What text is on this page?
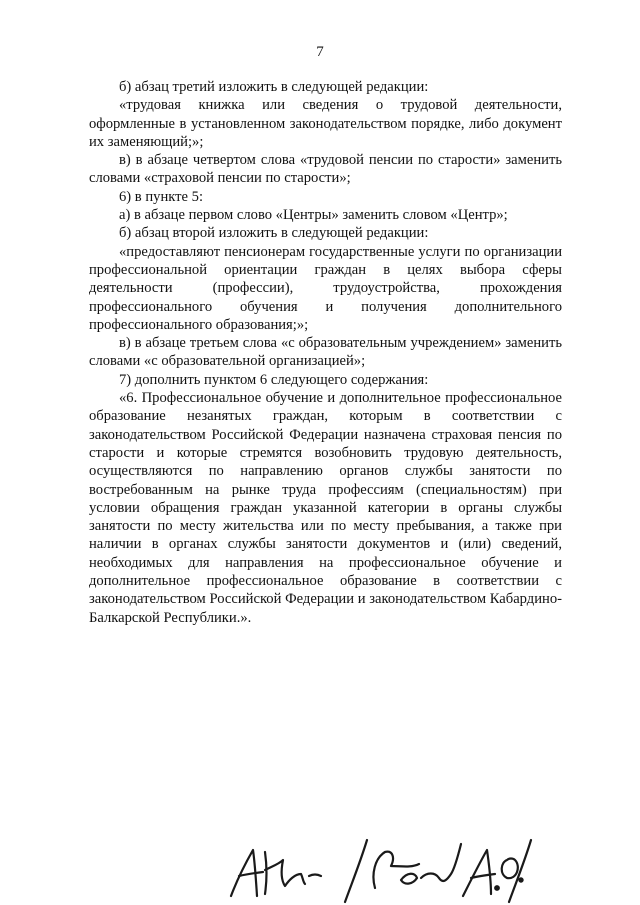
7

б) абзац третий изложить в следующей редакции:

«трудовая книжка или сведения о трудовой деятельности, оформленные в установленном законодательством порядке, либо документ их заменяющий;»;

в) в абзаце четвертом слова «трудовой пенсии по старости» заменить словами «страховой пенсии по старости»;

6) в пункте 5:

а) в абзаце первом слово «Центры» заменить словом «Центр»;

б) абзац второй изложить в следующей редакции:

«предоставляют пенсионерам государственные услуги по организации профессиональной ориентации граждан в целях выбора сферы деятельности (профессии), трудоустройства, прохождения профессионального обучения и получения дополнительного профессионального образования;»;

в) в абзаце третьем слова «с образовательным учреждением» заменить словами «с образовательной организацией»;

7) дополнить пунктом 6 следующего содержания:

«6. Профессиональное обучение и дополнительное профессиональное образование незанятых граждан, которым в соответствии с законодательством Российской Федерации назначена страховая пенсия по старости и которые стремятся возобновить трудовую деятельность, осуществляются по направлению органов службы занятости по востребованным на рынке труда профессиям (специальностям) при условии обращения граждан указанной категории в органы службы занятости по месту жительства или по месту пребывания, а также при наличии в органах службы занятости документов и (или) сведений, необходимых для направления на профессиональное обучение и дополнительное профессиональное образование в соответствии с законодательством Российской Федерации и законодательством Кабардино-Балкарской Республики.».
